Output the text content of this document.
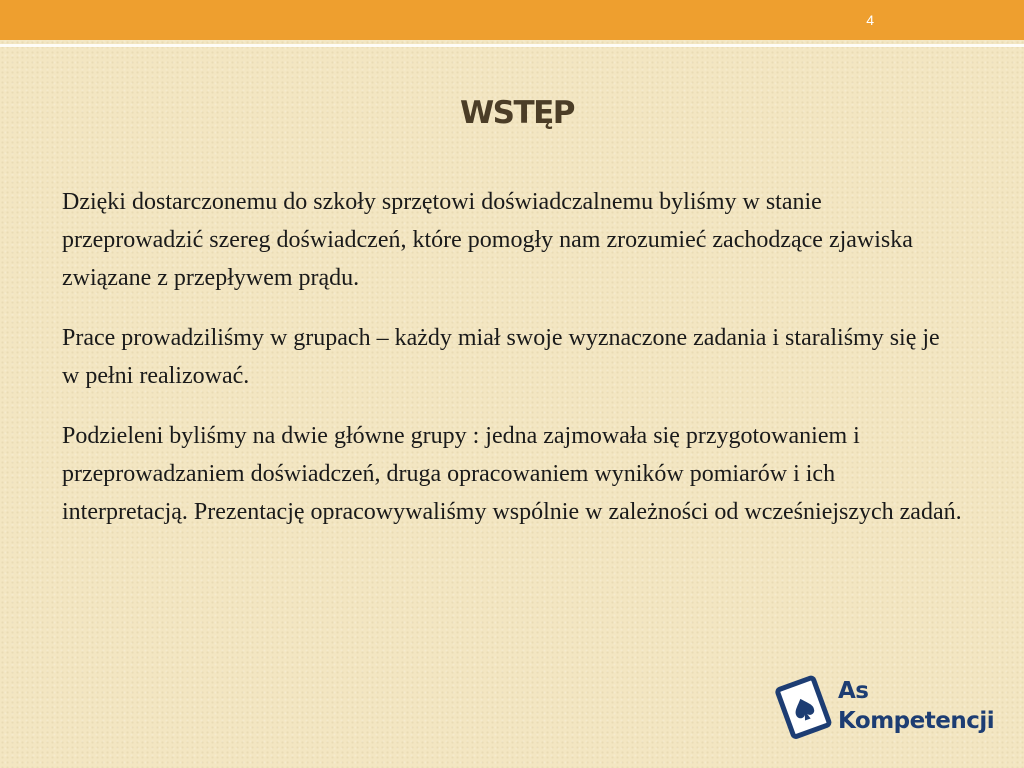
4
WSTĘP

Dzięki dostarczonemu do szkoły sprzętowi doświadczalnemu byliśmy w stanie przeprowadzić szereg doświadczeń, które pomogły nam zrozumieć zachodzące zjawiska związane z przepływem prądu.

Prace prowadziliśmy w grupach – każdy miał swoje wyznaczone zadania i staraliśmy się je w pełni realizować.

Podzieleni byliśmy na dwie główne grupy : jedna zajmowała się przygotowaniem i przeprowadzaniem doświadczeń, druga opracowaniem wyników pomiarów i ich interpretacją. Prezentację opracowywaliśmy wspólnie w zależności od wcześniejszych zadań.

As
Kompetencji
